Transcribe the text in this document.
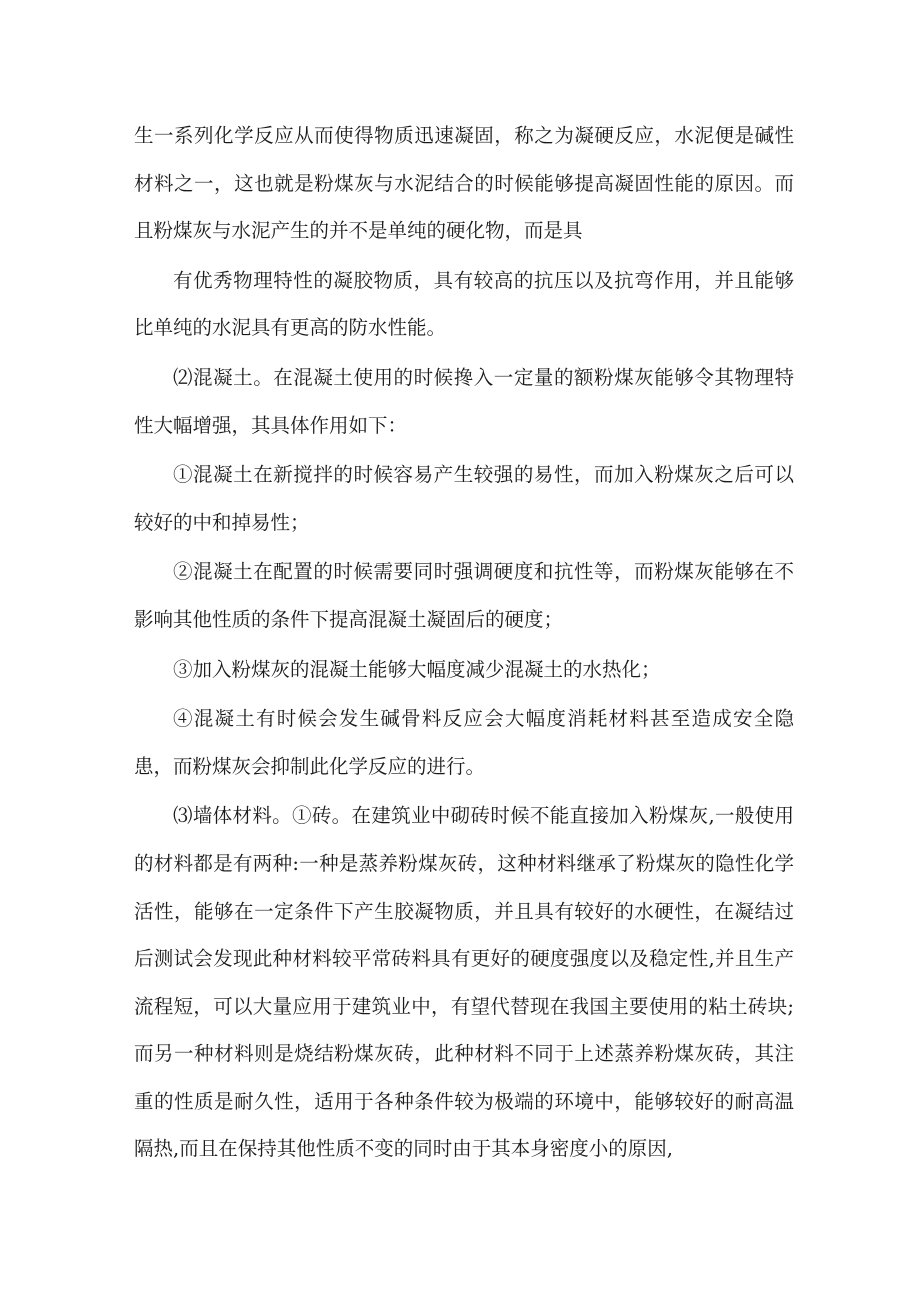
生一系列化学反应从而使得物质迅速凝固，称之为凝硬反应，水泥便是碱性材料之一，这也就是粉煤灰与水泥结合的时候能够提高凝固性能的原因。而且粉煤灰与水泥产生的并不是单纯的硬化物，而是具

有优秀物理特性的凝胶物质，具有较高的抗压以及抗弯作用，并且能够比单纯的水泥具有更高的防水性能。

⑵混凝土。在混凝土使用的时候搀入一定量的额粉煤灰能够令其物理特性大幅增强，其具体作用如下：

①混凝土在新搅拌的时候容易产生较强的易性，而加入粉煤灰之后可以较好的中和掉易性；

②混凝土在配置的时候需要同时强调硬度和抗性等，而粉煤灰能够在不影响其他性质的条件下提高混凝土凝固后的硬度；

③加入粉煤灰的混凝土能够大幅度减少混凝土的水热化；

④混凝土有时候会发生碱骨料反应会大幅度消耗材料甚至造成安全隐患，而粉煤灰会抑制此化学反应的进行。

⑶墙体材料。①砖。在建筑业中砌砖时候不能直接加入粉煤灰,一般使用的材料都是有两种:一种是蒸养粉煤灰砖，这种材料继承了粉煤灰的隐性化学活性，能够在一定条件下产生胶凝物质，并且具有较好的水硬性，在凝结过后测试会发现此种材料较平常砖料具有更好的硬度强度以及稳定性,并且生产流程短，可以大量应用于建筑业中，有望代替现在我国主要使用的粘土砖块;而另一种材料则是烧结粉煤灰砖，此种材料不同于上述蒸养粉煤灰砖，其注重的性质是耐久性，适用于各种条件较为极端的环境中，能够较好的耐高温隔热,而且在保持其他性质不变的同时由于其本身密度小的原因,
